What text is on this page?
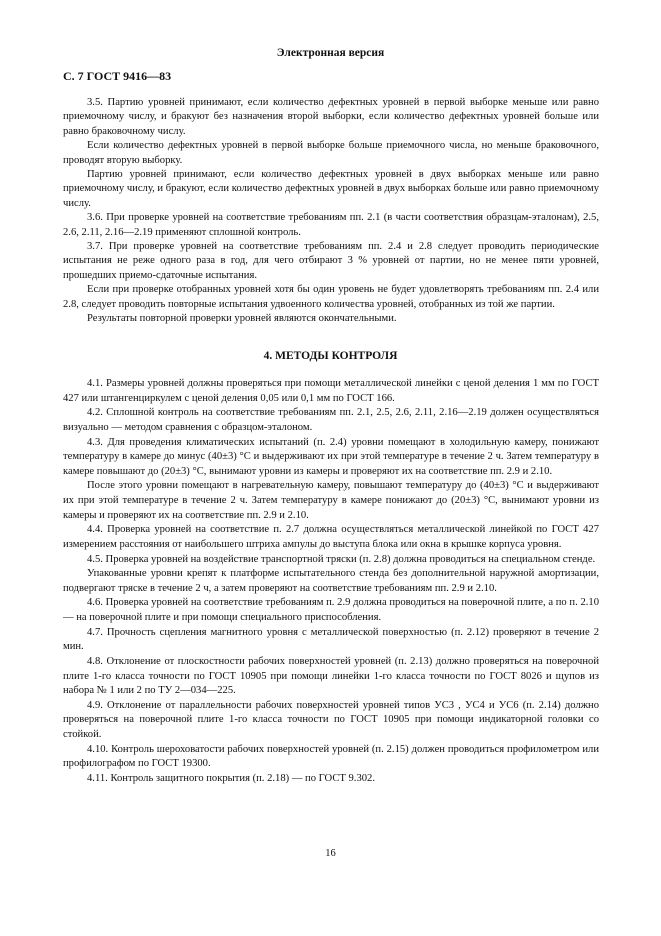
Электронная версия
С. 7 ГОСТ 9416—83

3.5. Партию уровней принимают, если количество дефектных уровней в первой выборке меньше или равно приемочному числу, и бракуют без назначения второй выборки, если количество дефектных уровней больше или равно браковочному числу.

Если количество дефектных уровней в первой выборке больше приемочного числа, но меньше браковочного, проводят вторую выборку.

Партию уровней принимают, если количество дефектных уровней в двух выборках меньше или равно приемочному числу, и бракуют, если количество дефектных уровней в двух выборках больше или равно приемочному числу.

3.6. При проверке уровней на соответствие требованиям пп. 2.1 (в части соответствия образцам-эталонам), 2.5, 2.6, 2.11, 2.16—2.19 применяют сплошной контроль.

3.7. При проверке уровней на соответствие требованиям пп. 2.4 и 2.8 следует проводить периодические испытания не реже одного раза в год, для чего отбирают 3 % уровней от партии, но не менее пяти уровней, прошедших приемо-сдаточные испытания.

Если при проверке отобранных уровней хотя бы один уровень не будет удовлетворять требованиям пп. 2.4 или 2.8, следует проводить повторные испытания удвоенного количества уровней, отобранных из той же партии.

Результаты повторной проверки уровней являются окончательными.

4. МЕТОДЫ КОНТРОЛЯ

4.1. Размеры уровней должны проверяться при помощи металлической линейки с ценой деления 1 мм по ГОСТ 427 или штангенциркулем с ценой деления 0,05 или 0,1 мм по ГОСТ 166.

4.2. Сплошной контроль на соответствие требованиям пп. 2.1, 2.5, 2.6, 2.11, 2.16—2.19 должен осуществляться визуально — методом сравнения с образцом-эталоном.

4.3. Для проведения климатических испытаний (п. 2.4) уровни помещают в холодильную камеру, понижают температуру в камере до минус (40±3) °С и выдерживают их при этой температуре в течение 2 ч. Затем температуру в камере повышают до (20±3) °С, вынимают уровни из камеры и проверяют их на соответствие пп. 2.9 и 2.10.

После этого уровни помещают в нагревательную камеру, повышают температуру до (40±3) °С и выдерживают их при этой температуре в течение 2 ч. Затем температуру в камере понижают до (20±3) °С, вынимают уровни из камеры и проверяют их на соответствие пп. 2.9 и 2.10.

4.4. Проверка уровней на соответствие п. 2.7 должна осуществляться металлической линейкой по ГОСТ 427 измерением расстояния от наибольшего штриха ампулы до выступа блока или окна в крышке корпуса уровня.

4.5. Проверка уровней на воздействие транспортной тряски (п. 2.8) должна проводиться на специальном стенде.

Упакованные уровни крепят к платформе испытательного стенда без дополнительной наружной амортизации, подвергают тряске в течение 2 ч, а затем проверяют на соответствие требованиям пп. 2.9 и 2.10.

4.6. Проверка уровней на соответствие требованиям п. 2.9 должна проводиться на поверочной плите, а по п. 2.10 — на поверочной плите и при помощи специального приспособления.

4.7. Прочность сцепления магнитного уровня с металлической поверхностью (п. 2.12) проверяют в течение 2 мин.

4.8. Отклонение от плоскостности рабочих поверхностей уровней (п. 2.13) должно проверяться на поверочной плите 1-го класса точности по ГОСТ 10905 при помощи линейки 1-го класса точности по ГОСТ 8026 и щупов из набора № 1 или 2 по ТУ 2—034—225.

4.9. Отклонение от параллельности рабочих поверхностей уровней типов УС3 , УС4 и УС6 (п. 2.14) должно проверяться на поверочной плите 1-го класса точности по ГОСТ 10905 при помощи индикаторной головки со стойкой.

4.10. Контроль шероховатости рабочих поверхностей уровней (п. 2.15) должен проводиться профилометром или профилографом по ГОСТ 19300.

4.11. Контроль защитного покрытия (п. 2.18) — по ГОСТ 9.302.

16
